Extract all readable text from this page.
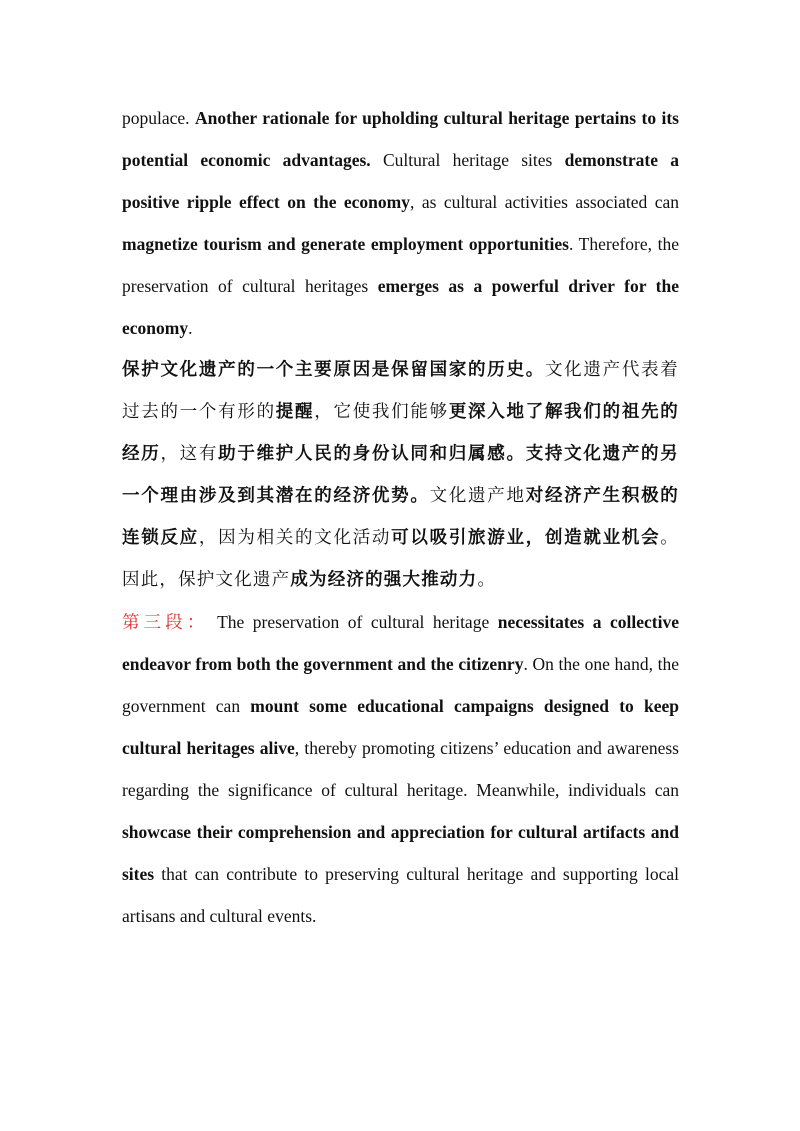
populace. Another rationale for upholding cultural heritage pertains to its potential economic advantages. Cultural heritage sites demonstrate a positive ripple effect on the economy, as cultural activities associated can magnetize tourism and generate employment opportunities. Therefore, the preservation of cultural heritages emerges as a powerful driver for the economy.

保护文化遗产的一个主要原因是保留国家的历史。文化遗产代表着过去的一个有形的提醒，它使我们能够更深入地了解我们的祖先的经历，这有助于维护人民的身份认同和归属感。支持文化遗产的另一个理由涉及到其潜在的经济优势。文化遗产地对经济产生积极的连锁反应，因为相关的文化活动可以吸引旅游业，创造就业机会。因此，保护文化遗产成为经济的强大推动力。

第三段： The preservation of cultural heritage necessitates a collective endeavor from both the government and the citizenry. On the one hand, the government can mount some educational campaigns designed to keep cultural heritages alive, thereby promoting citizens’ education and awareness regarding the significance of cultural heritage. Meanwhile, individuals can showcase their comprehension and appreciation for cultural artifacts and sites that can contribute to preserving cultural heritage and supporting local artisans and cultural events.
